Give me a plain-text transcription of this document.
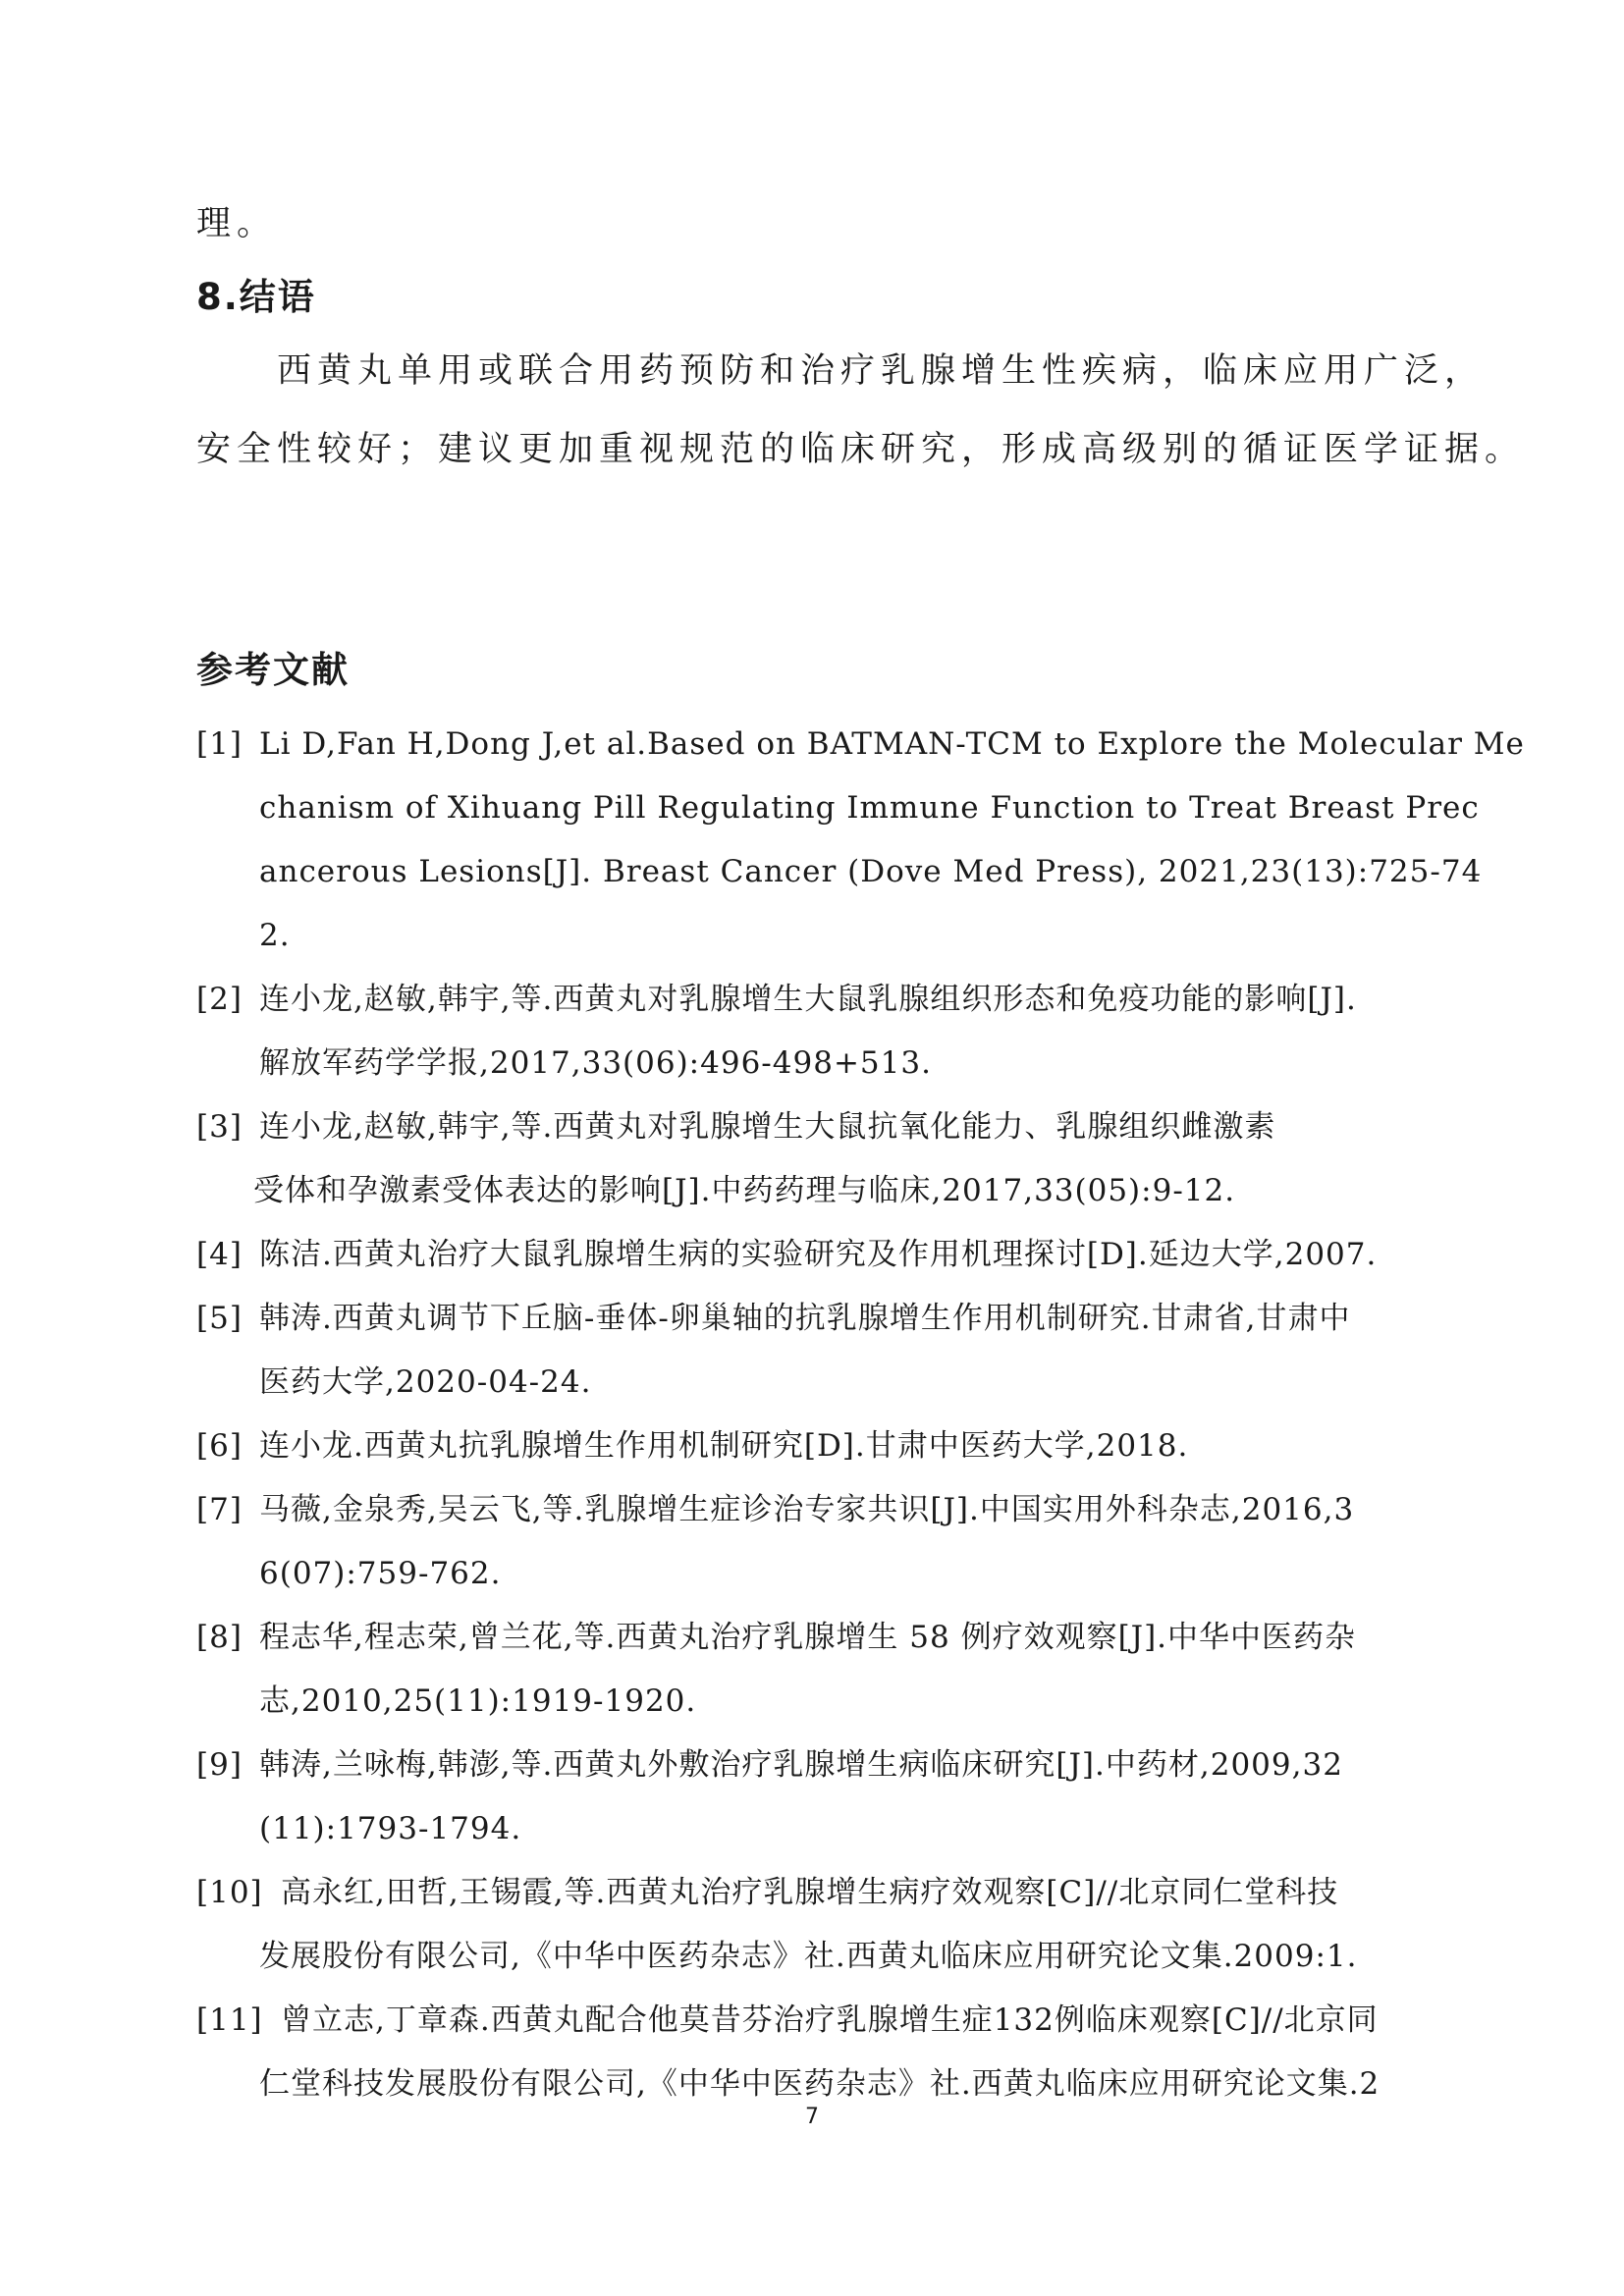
理。
8.结语
西黄丸单用或联合用药预防和治疗乳腺增生性疾病，临床应用广泛，
安全性较好；建议更加重视规范的临床研究，形成高级别的循证医学证据。
参考文献
[1] Li D,Fan H,Dong J,et al.Based on BATMAN-TCM to Explore the Molecular Me
chanism of Xihuang Pill Regulating Immune Function to Treat Breast Prec
ancerous Lesions[J]. Breast Cancer (Dove Med Press), 2021,23(13):725-74
2.
[2] 连小龙,赵敏,韩宇,等.西黄丸对乳腺增生大鼠乳腺组织形态和免疫功能的影响[J].
解放军药学学报,2017,33(06):496-498+513.
[3] 连小龙,赵敏,韩宇,等.西黄丸对乳腺增生大鼠抗氧化能力、乳腺组织雌激素
受体和孕激素受体表达的影响[J].中药药理与临床,2017,33(05):9-12.
[4] 陈洁.西黄丸治疗大鼠乳腺增生病的实验研究及作用机理探讨[D].延边大学,2007.
[5] 韩涛.西黄丸调节下丘脑-垂体-卵巢轴的抗乳腺增生作用机制研究.甘肃省,甘肃中
医药大学,2020-04-24.
[6] 连小龙.西黄丸抗乳腺增生作用机制研究[D].甘肃中医药大学,2018.
[7] 马薇,金泉秀,吴云飞,等.乳腺增生症诊治专家共识[J].中国实用外科杂志,2016,3
6(07):759-762.
[8] 程志华,程志荣,曾兰花,等.西黄丸治疗乳腺增生 58 例疗效观察[J].中华中医药杂
志,2010,25(11):1919-1920.
[9] 韩涛,兰咏梅,韩澎,等.西黄丸外敷治疗乳腺增生病临床研究[J].中药材,2009,32
(11):1793-1794.
[10] 高永红,田哲,王锡霞,等.西黄丸治疗乳腺增生病疗效观察[C]//北京同仁堂科技
发展股份有限公司,《中华中医药杂志》社.西黄丸临床应用研究论文集.2009:1.
[11] 曾立志,丁章森.西黄丸配合他莫昔芬治疗乳腺增生症132例临床观察[C]//北京同
仁堂科技发展股份有限公司,《中华中医药杂志》社.西黄丸临床应用研究论文集.2
7
